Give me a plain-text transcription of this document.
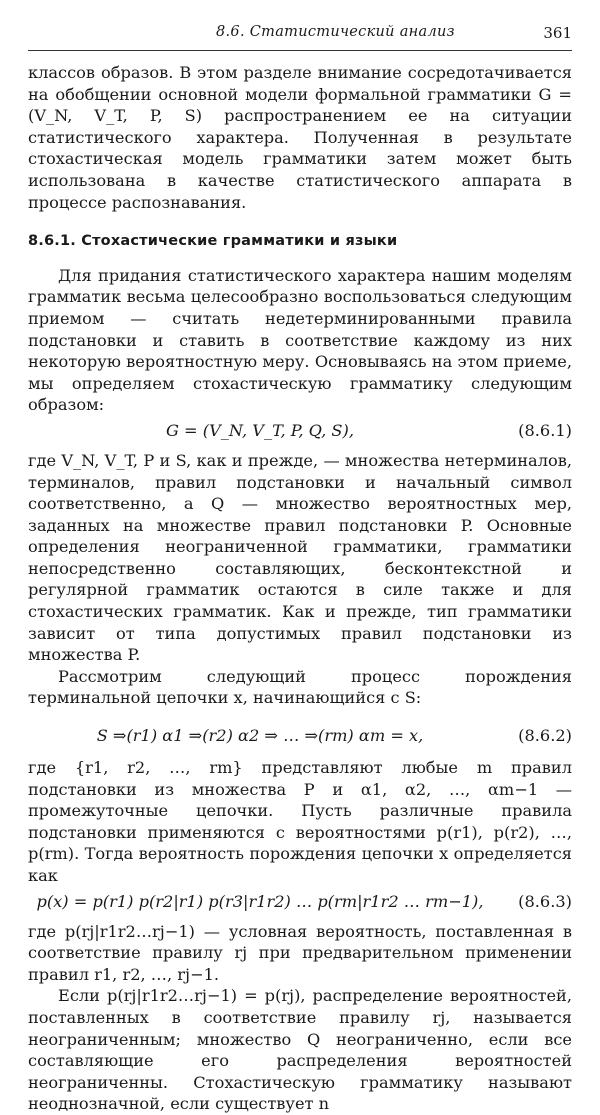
8.6. Статистический анализ	361

классов образов. В этом разделе внимание сосредотачивается на обобщении основной модели формальной грамматики G = (V_N, V_T, P, S) распространением ее на ситуации статистического характера. Полученная в результате стохастическая модель грамматики затем может быть использована в качестве статистического аппарата в процессе распознавания.

8.6.1. Стохастические грамматики и языки

Для придания статистического характера нашим моделям грамматик весьма целесообразно воспользоваться следующим приемом — считать недетерминированными правила подстановки и ставить в соответствие каждому из них некоторую вероятностную меру. Основываясь на этом приеме, мы определяем стохастическую грамматику следующим образом:

G = (V_N, V_T, P, Q, S),	(8.6.1)

где V_N, V_T, P и S, как и прежде, — множества нетерминалов, терминалов, правил подстановки и начальный символ соответственно, а Q — множество вероятностных мер, заданных на множестве правил подстановки P. Основные определения неограниченной грамматики, грамматики непосредственно составляющих, бесконтекстной и регулярной грамматик остаются в силе также и для стохастических грамматик. Как и прежде, тип грамматики зависит от типа допустимых правил подстановки из множества P.

Рассмотрим следующий процесс порождения терминальной цепочки x, начинающийся с S:

S ⇒(r1) α1 ⇒(r2) α2 ⇒ … ⇒(rm) αm = x,	(8.6.2)

где {r1, r2, …, rm} представляют любые m правил подстановки из множества P и α1, α2, …, αm−1 — промежуточные цепочки. Пусть различные правила подстановки применяются с вероятностями p(r1), p(r2), …, p(rm). Тогда вероятность порождения цепочки x определяется как

p(x) = p(r1) p(r2|r1) p(r3|r1r2) … p(rm|r1r2 … rm−1),	(8.6.3)

где p(rj|r1r2…rj−1) — условная вероятность, поставленная в соответствие правилу rj при предварительном применении правил r1, r2, …, rj−1.

Если p(rj|r1r2…rj−1) = p(rj), распределение вероятностей, поставленных в соответствие правилу rj, называется неограниченным; множество Q неограниченно, если все составляющие его распределения вероятностей неограниченны. Стохастическую грамматику называют неоднозначной, если существует n
